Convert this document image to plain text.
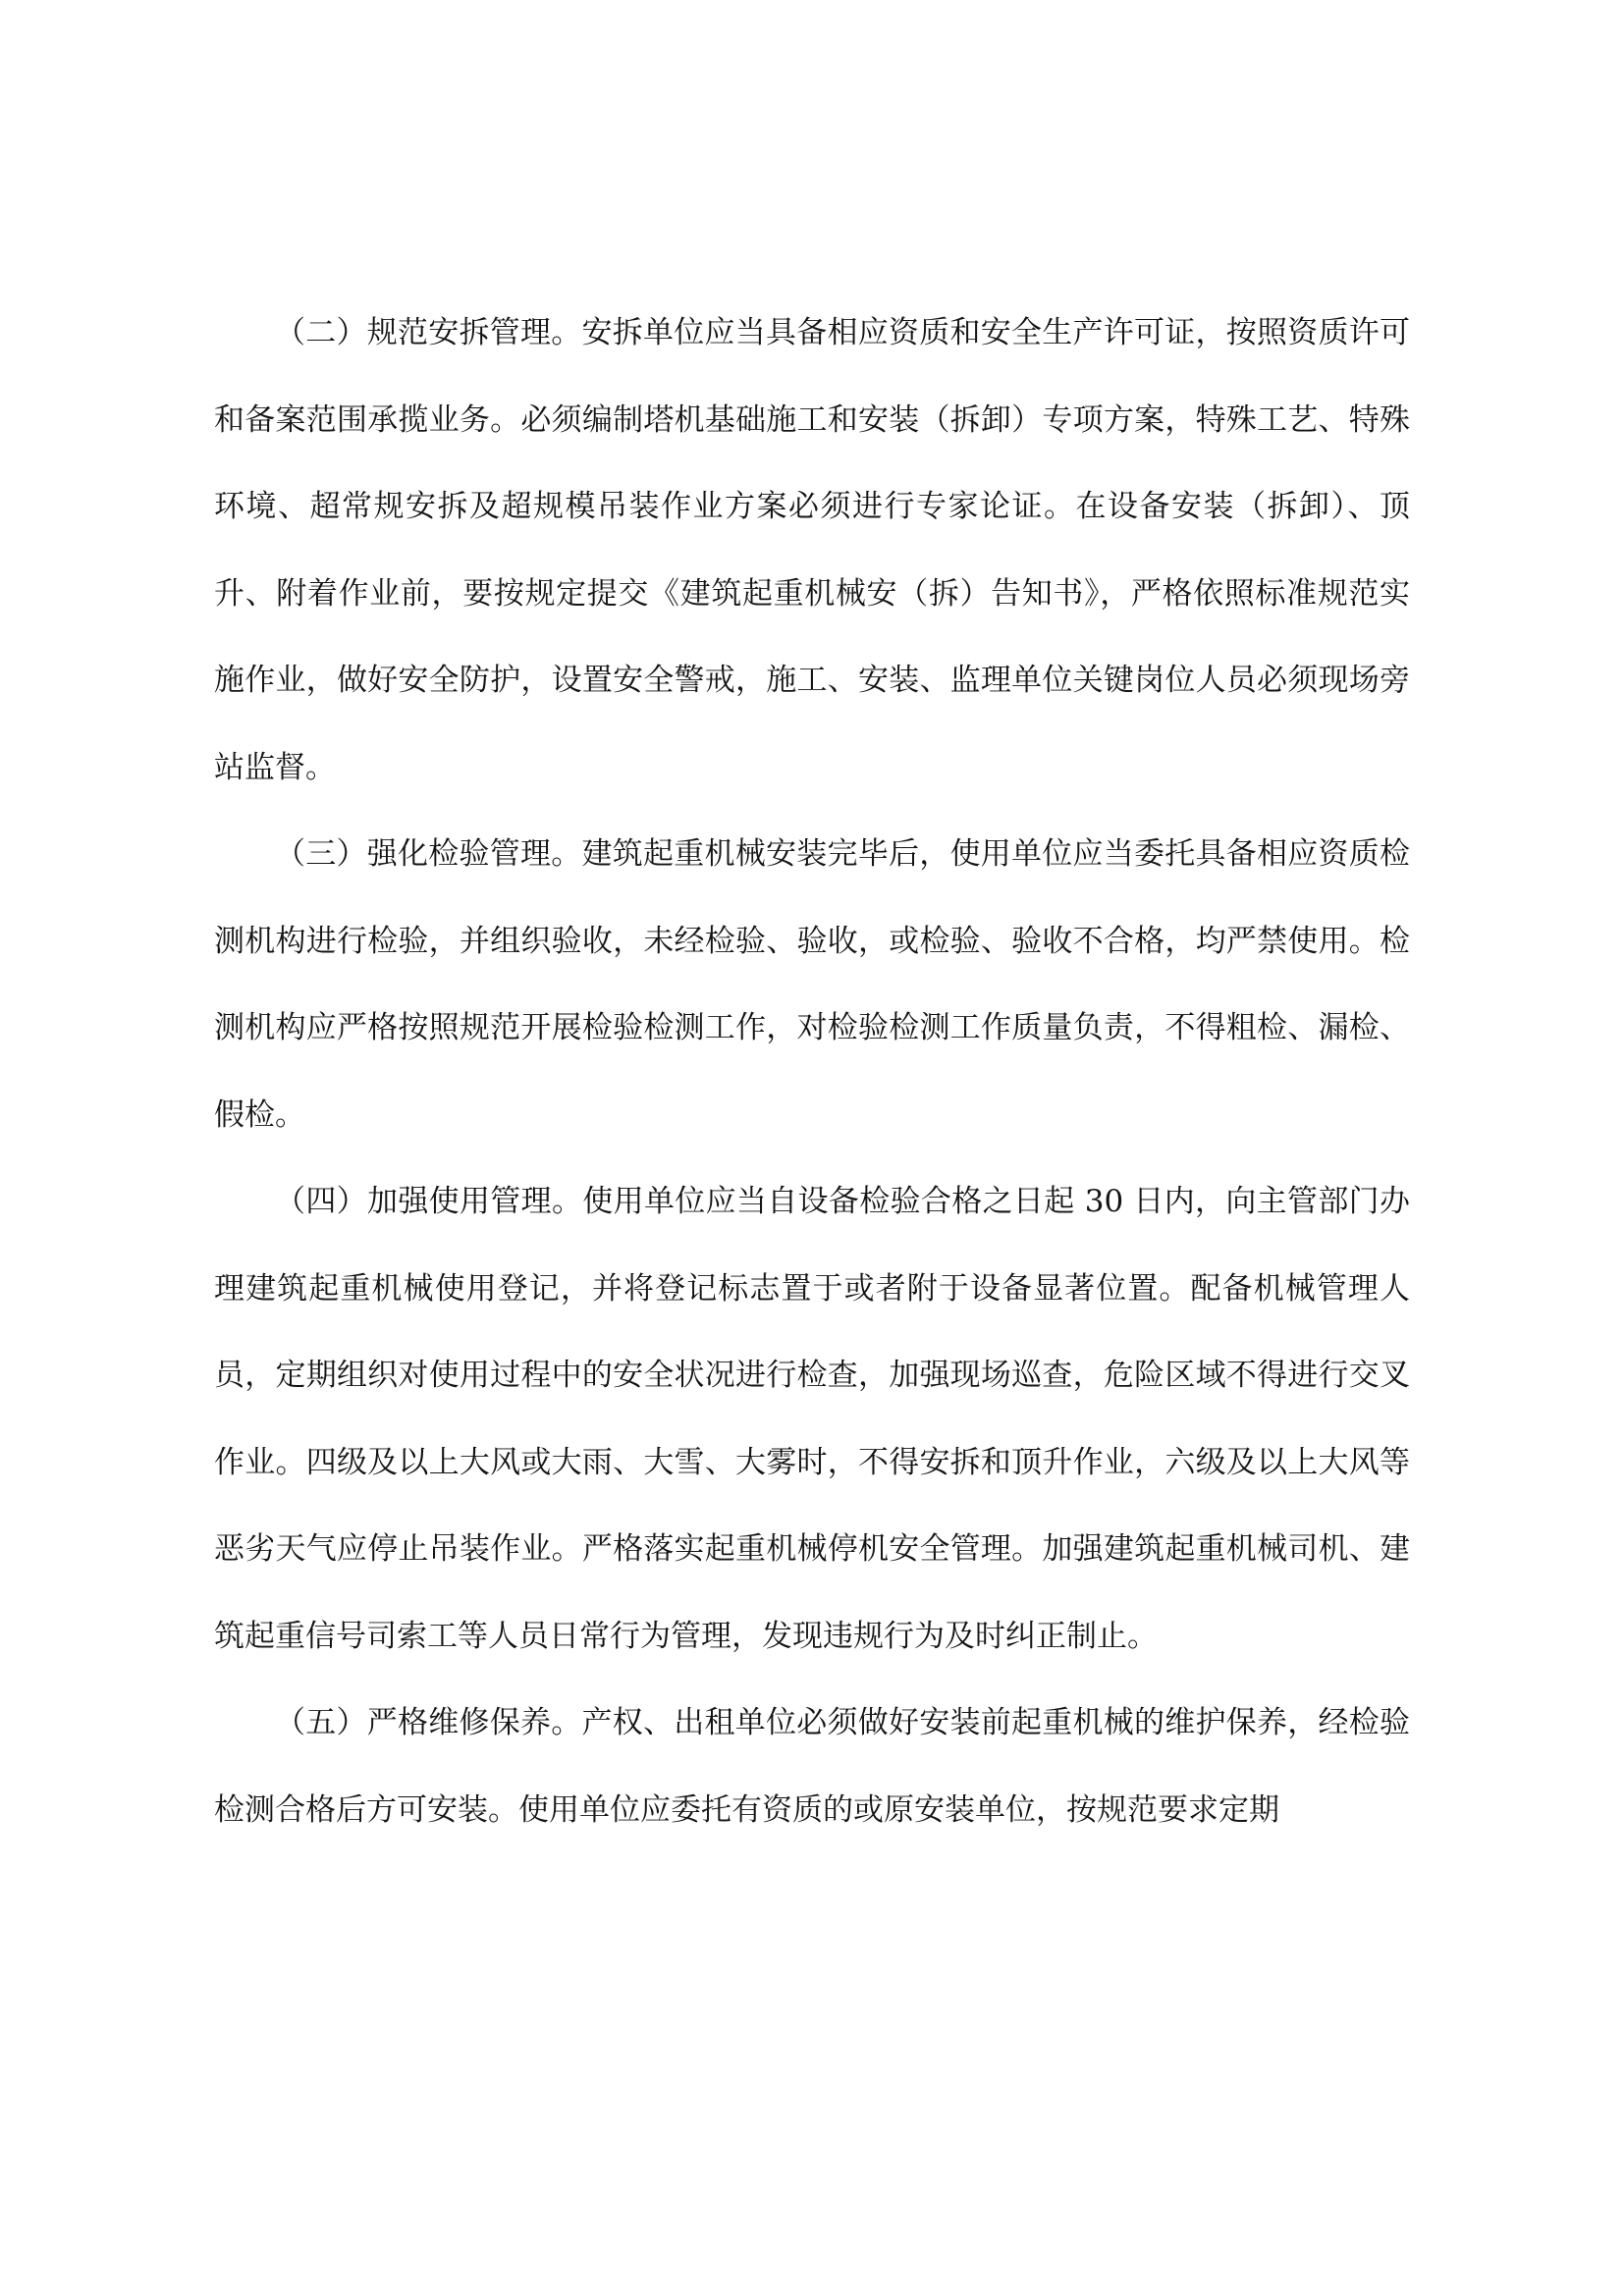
（二）规范安拆管理。安拆单位应当具备相应资质和安全生产许可证，按照资质许可和备案范围承揽业务。必须编制塔机基础施工和安装（拆卸）专项方案，特殊工艺、特殊环境、超常规安拆及超规模吊装作业方案必须进行专家论证。在设备安装（拆卸）、顶升、附着作业前，要按规定提交《建筑起重机械安（拆）告知书》，严格依照标准规范实施作业，做好安全防护，设置安全警戒，施工、安装、监理单位关键岗位人员必须现场旁站监督。

（三）强化检验管理。建筑起重机械安装完毕后，使用单位应当委托具备相应资质检测机构进行检验，并组织验收，未经检验、验收，或检验、验收不合格，均严禁使用。检测机构应严格按照规范开展检验检测工作，对检验检测工作质量负责，不得粗检、漏检、假检。

（四）加强使用管理。使用单位应当自设备检验合格之日起 30 日内，向主管部门办理建筑起重机械使用登记，并将登记标志置于或者附于设备显著位置。配备机械管理人员，定期组织对使用过程中的安全状况进行检查，加强现场巡查，危险区域不得进行交叉作业。四级及以上大风或大雨、大雪、大雾时，不得安拆和顶升作业，六级及以上大风等恶劣天气应停止吊装作业。严格落实起重机械停机安全管理。加强建筑起重机械司机、建筑起重信号司索工等人员日常行为管理，发现违规行为及时纠正制止。

（五）严格维修保养。产权、出租单位必须做好安装前起重机械的维护保养，经检验检测合格后方可安装。使用单位应委托有资质的或原安装单位，按规范要求定期
